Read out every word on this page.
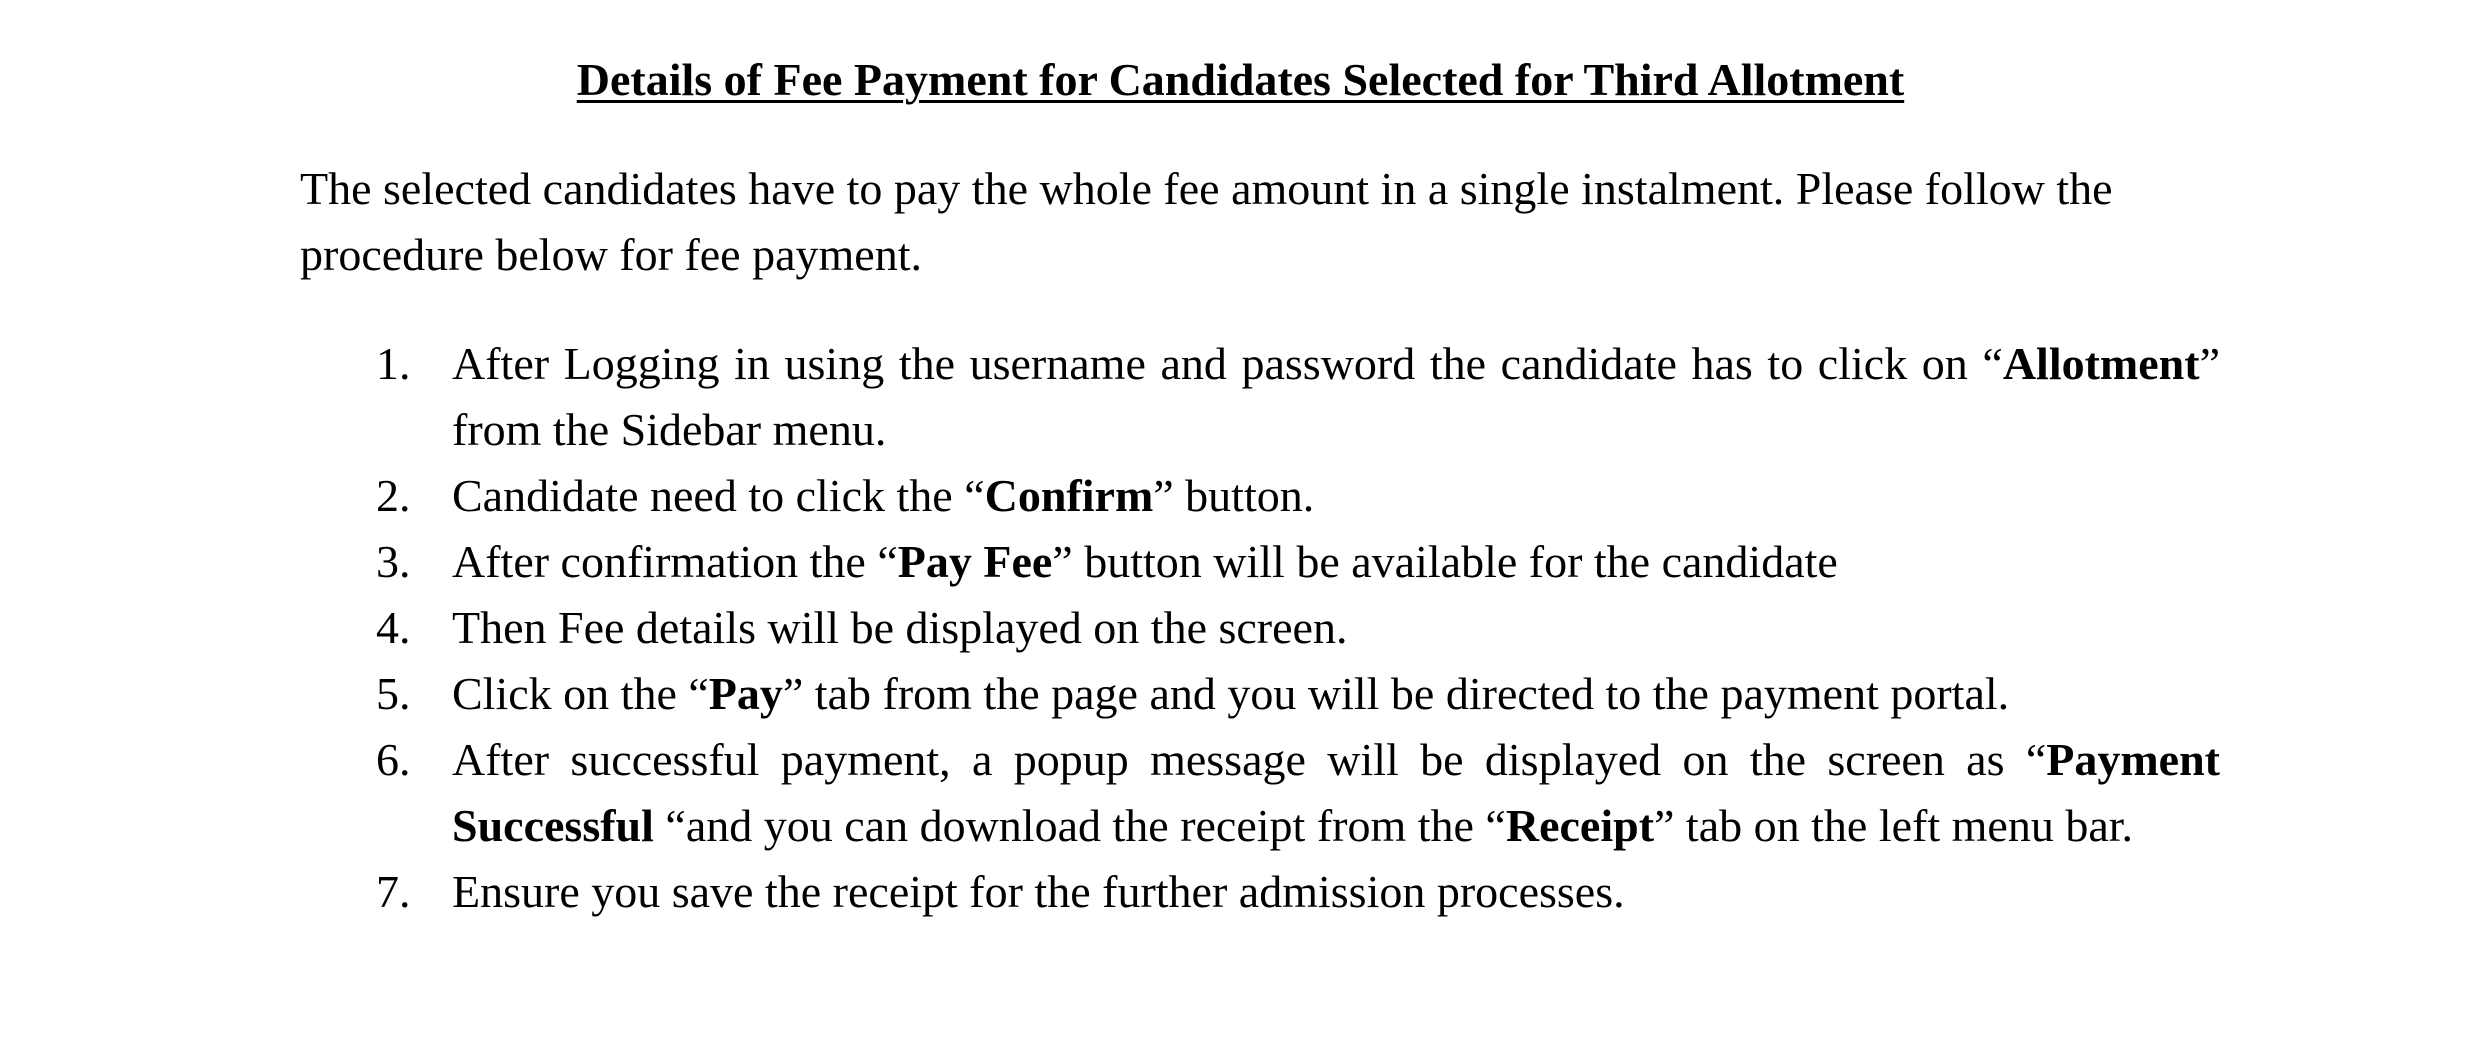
Details of Fee Payment for Candidates Selected for Third Allotment

The selected candidates have to pay the whole fee amount in a single instalment. Please follow the procedure below for fee payment.

1. After Logging in using the username and password the candidate has to click on “Allotment” from the Sidebar menu.
2. Candidate need to click the “Confirm” button.
3. After confirmation the “Pay Fee” button will be available for the candidate
4. Then Fee details will be displayed on the screen.
5. Click on the “Pay” tab from the page and you will be directed to the payment portal.
6. After successful payment, a popup message will be displayed on the screen as “Payment Successful “and you can download the receipt from the “Receipt” tab on the left menu bar.
7. Ensure you save the receipt for the further admission processes.
